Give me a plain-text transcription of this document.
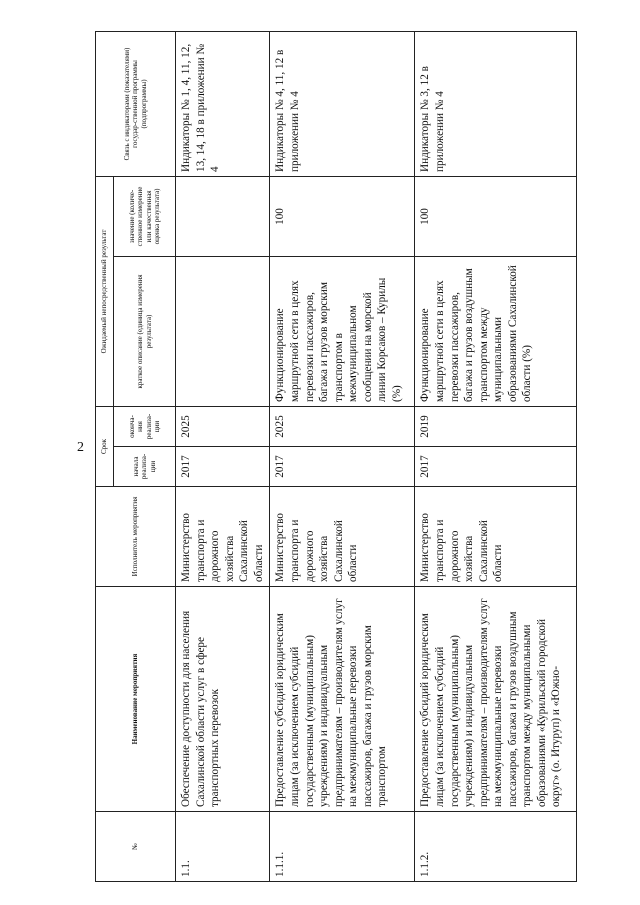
2
№	Наименование мероприятия	Исполнитель мероприятия	Срок		Ожидаемый непосредственный результат		Связь с индикаторами (показателями) государ-ственной программы (подпрограммы)
			начала реализа-ции	оконча-ния реализа-ции	краткое описание (единица измерения результата)	значение (количе-ственное измерение или качественная оценка результата)	
1.1.	Обеспечение доступности для населения Сахалинской области услуг в сфере транспортных перевозок	Министерство транспорта и дорожного хозяйства Сахалинской области	2017	2025			Индикаторы № 1, 4, 11, 12, 13, 14, 18 в приложении № 4
1.1.1.	Предоставление субсидий юридическим лицам (за исключением субсидий государственным (муниципальным) учреждениям) и индивидуальным предпринимателям – производителям услуг на межмуниципальные перевозки пассажиров, багажа и грузов морским транспортом	Министерство транспорта и дорожного хозяйства Сахалинской области	2017	2025	Функционирование маршрутной сети в целях перевозки пассажиров, багажа и грузов морским транспортом в межмуниципальном сообщении на морской линии Корсаков – Курилы (%)	100	Индикаторы № 4, 11, 12 в приложении № 4
1.1.2.	Предоставление субсидий юридическим лицам (за исключением субсидий государственным (муниципальным) учреждениям) и индивидуальным предпринимателям – производителям услуг на межмуниципальные перевозки пассажиров, багажа и грузов воздушным транспортом между муниципальными образованиями «Курильский городской округ» (о. Итуруп) и «Южно-	Министерство транспорта и дорожного хозяйства Сахалинской области	2017	2019	Функционирование маршрутной сети в целях перевозки пассажиров, багажа и грузов воздушным транспортом между муниципальными образованиями Сахалинской области (%)	100	Индикаторы № 3, 12 в приложении № 4
